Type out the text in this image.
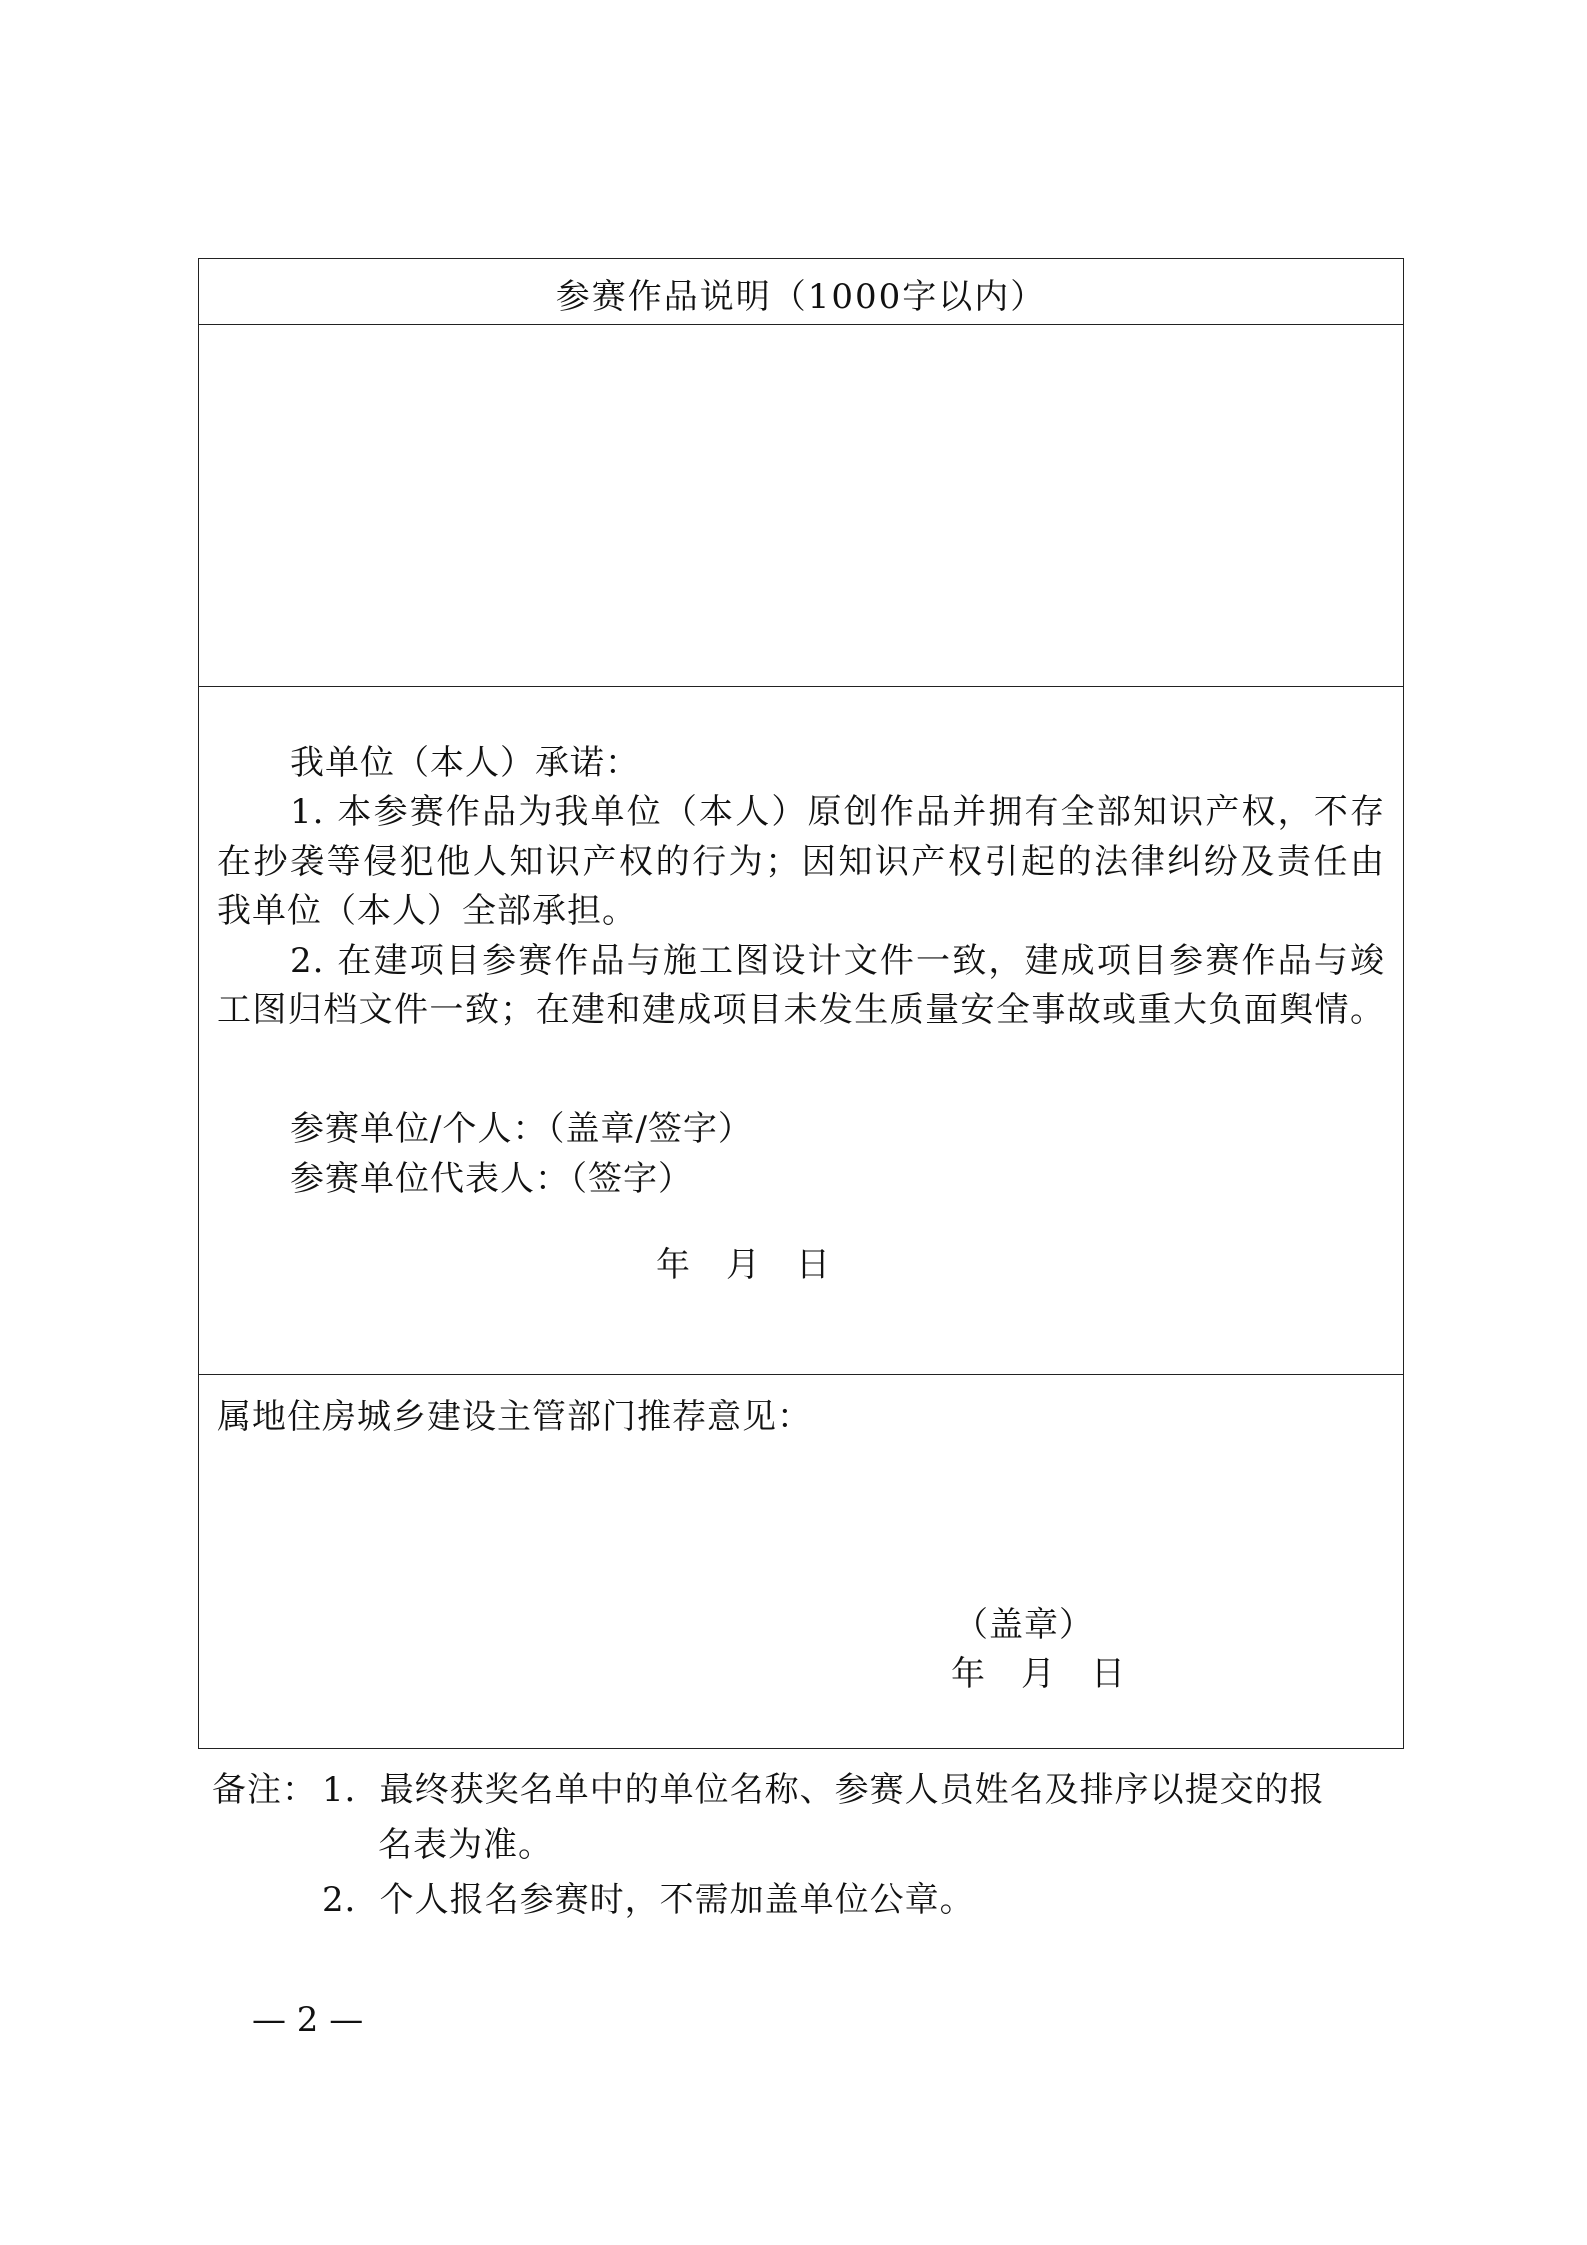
参赛作品说明（1000字以内）
我单位（本人）承诺：
1. 本参赛作品为我单位（本人）原创作品并拥有全部知识产权，不存
在抄袭等侵犯他人知识产权的行为；因知识产权引起的法律纠纷及责任由
我单位（本人）全部承担。
2. 在建项目参赛作品与施工图设计文件一致，建成项目参赛作品与竣
工图归档文件一致；在建和建成项目未发生质量安全事故或重大负面舆情。
参赛单位/个人：（盖章/签字）
参赛单位代表人：（签字）
年　月　日
属地住房城乡建设主管部门推荐意见：
（盖章）
年　月　日
备注： 1．最终获奖名单中的单位名称、参赛人员姓名及排序以提交的报
名表为准。
2．个人报名参赛时，不需加盖单位公章。
— 2 —
